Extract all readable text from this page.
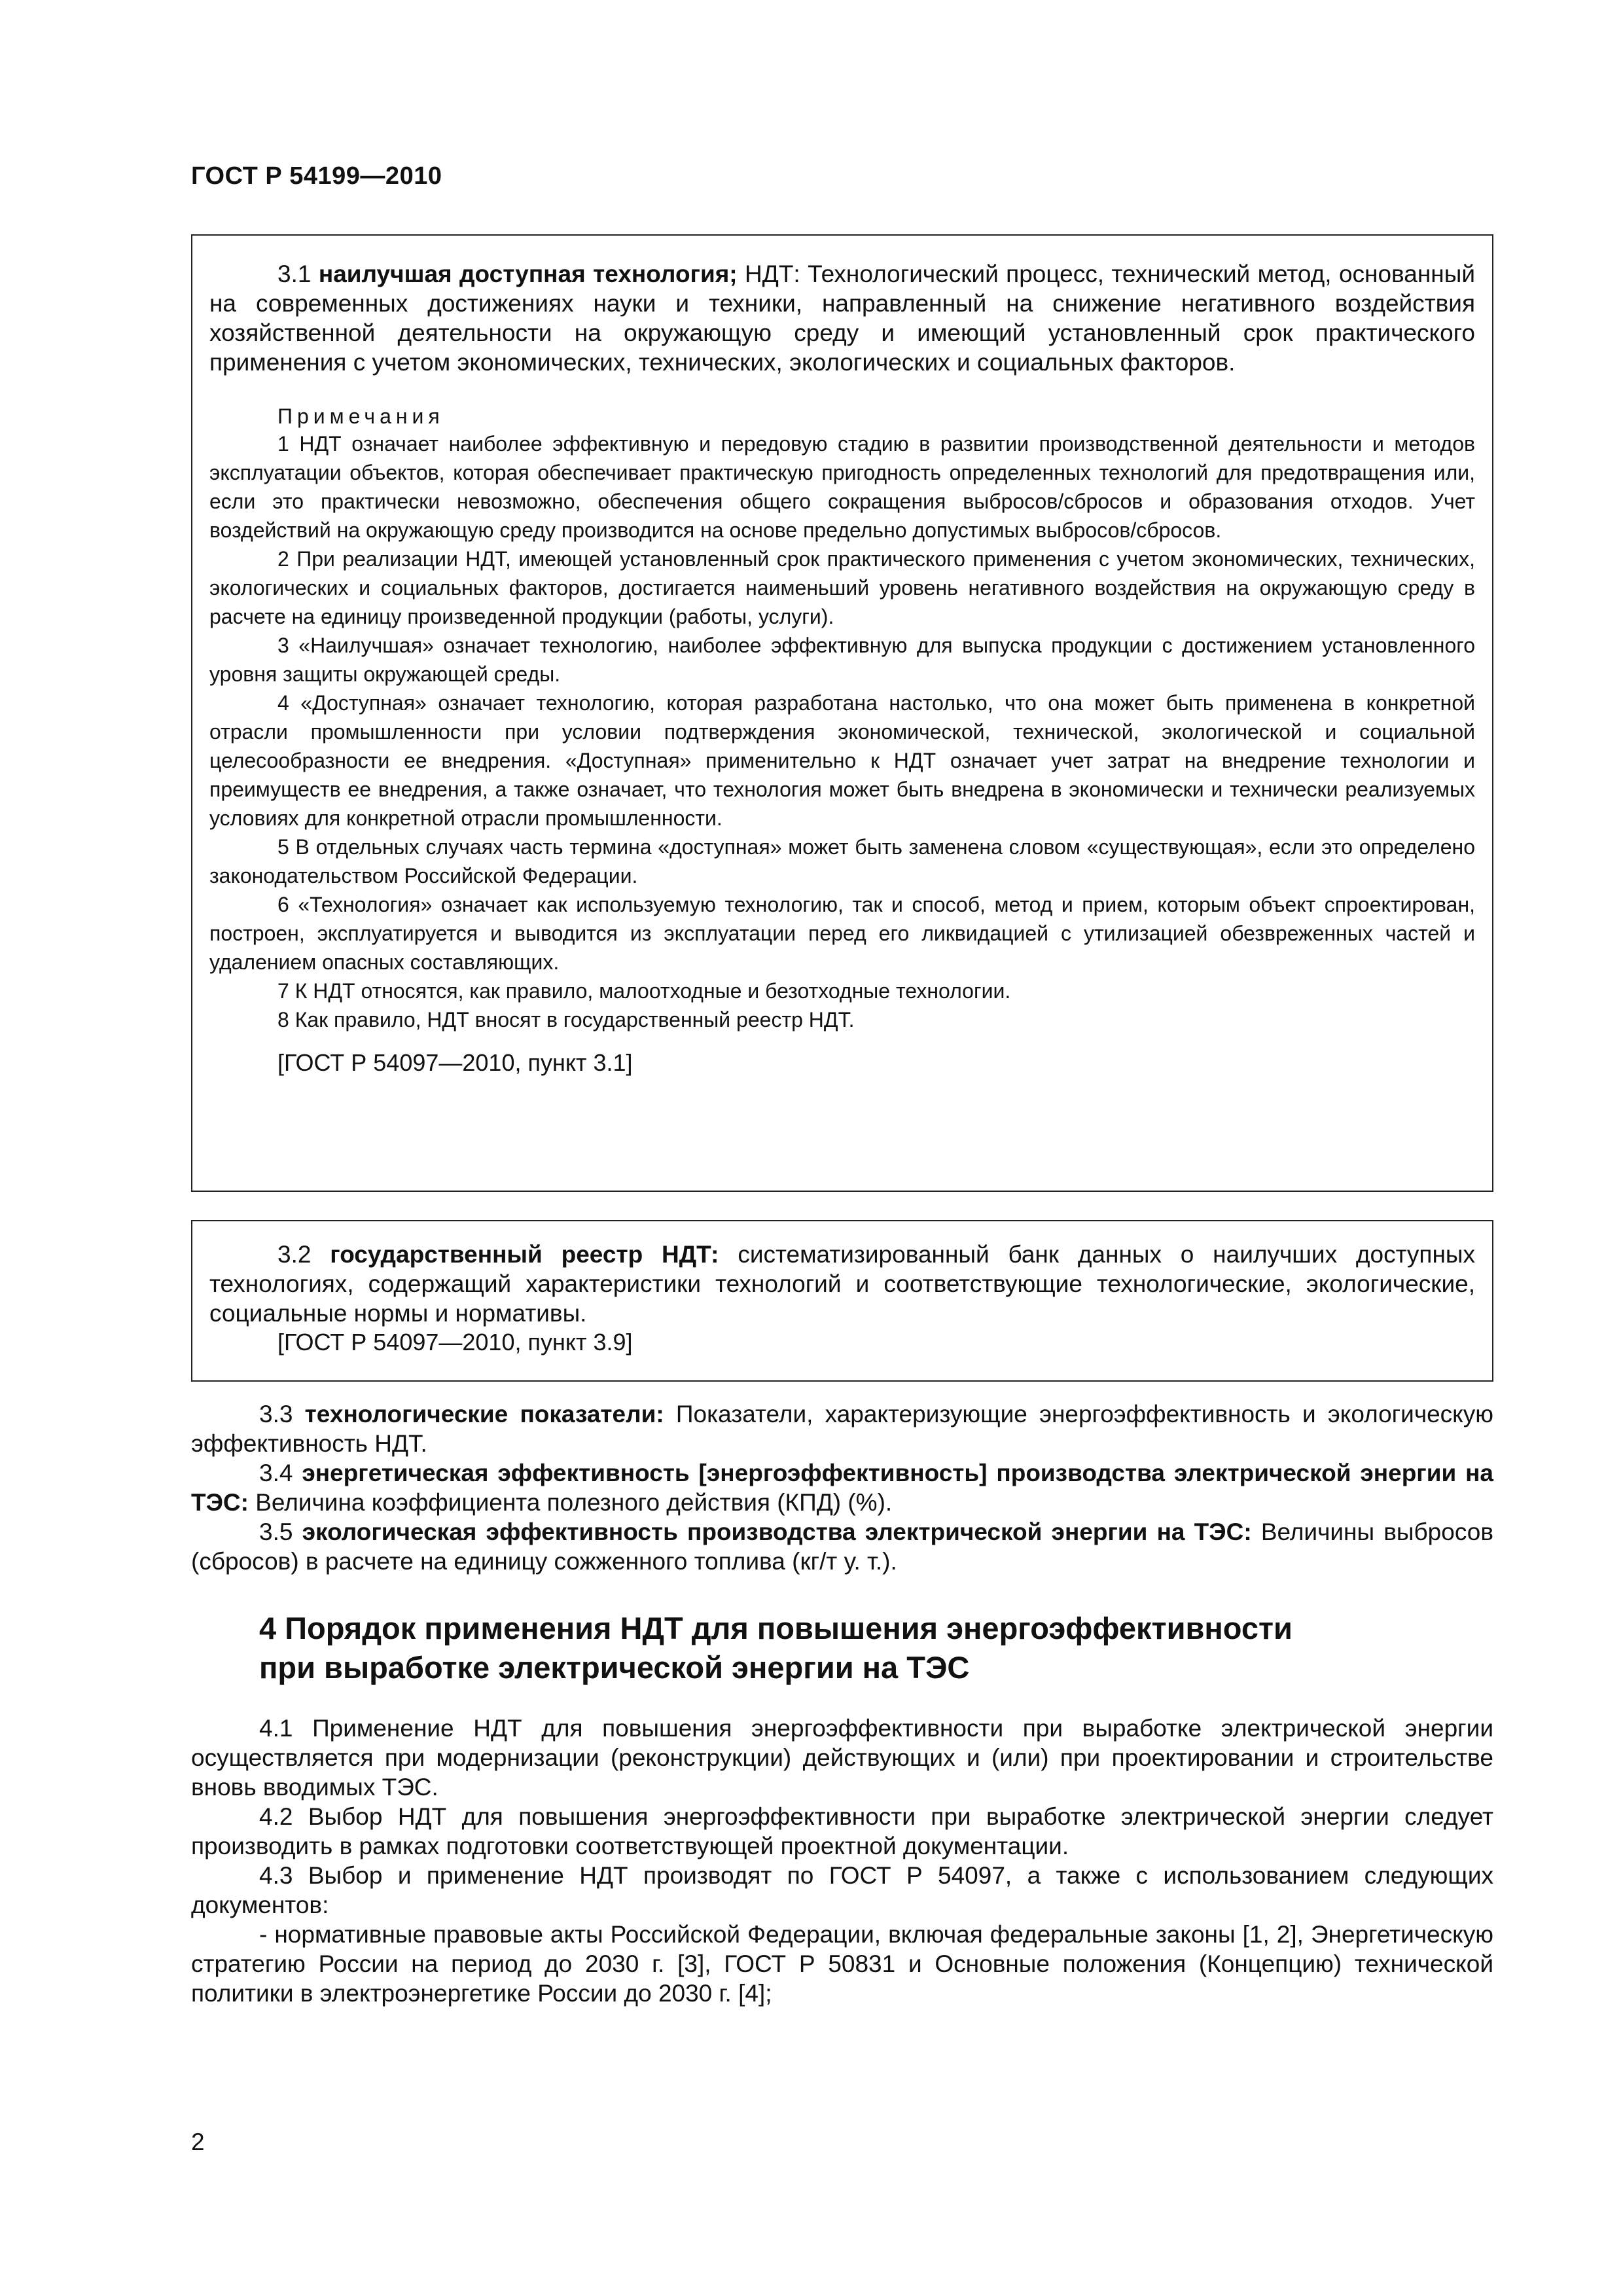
ГОСТ Р 54199—2010

3.1 наилучшая доступная технология; НДТ: Технологический процесс, технический метод, основанный на современных достижениях науки и техники, направленный на снижение негативного воздействия хозяйственной деятельности на окружающую среду и имеющий установленный срок практического применения с учетом экономических, технических, экологических и социальных факторов.

Примечания

1 НДТ означает наиболее эффективную и передовую стадию в развитии производственной деятельности и методов эксплуатации объектов, которая обеспечивает практическую пригодность определенных технологий для предотвращения или, если это практически невозможно, обеспечения общего сокращения выбросов/сбросов и образования отходов. Учет воздействий на окружающую среду производится на основе предельно допустимых выбросов/сбросов.

2 При реализации НДТ, имеющей установленный срок практического применения с учетом экономических, технических, экологических и социальных факторов, достигается наименьший уровень негативного воздействия на окружающую среду в расчете на единицу произведенной продукции (работы, услуги).

3 «Наилучшая» означает технологию, наиболее эффективную для выпуска продукции с достижением установленного уровня защиты окружающей среды.

4 «Доступная» означает технологию, которая разработана настолько, что она может быть применена в конкретной отрасли промышленности при условии подтверждения экономической, технической, экологической и социальной целесообразности ее внедрения. «Доступная» применительно к НДТ означает учет затрат на внедрение технологии и преимуществ ее внедрения, а также означает, что технология может быть внедрена в экономически и технически реализуемых условиях для конкретной отрасли промышленности.

5 В отдельных случаях часть термина «доступная» может быть заменена словом «существующая», если это определено законодательством Российской Федерации.

6 «Технология» означает как используемую технологию, так и способ, метод и прием, которым объект спроектирован, построен, эксплуатируется и выводится из эксплуатации перед его ликвидацией с утилизацией обезвреженных частей и удалением опасных составляющих.

7 К НДТ относятся, как правило, малоотходные и безотходные технологии.

8 Как правило, НДТ вносят в государственный реестр НДТ.

[ГОСТ Р 54097—2010, пункт 3.1]

3.2 государственный реестр НДТ: систематизированный банк данных о наилучших доступных технологиях, содержащий характеристики технологий и соответствующие технологические, экологические, социальные нормы и нормативы.

[ГОСТ Р 54097—2010, пункт 3.9]

3.3 технологические показатели: Показатели, характеризующие энергоэффективность и экологическую эффективность НДТ.

3.4 энергетическая эффективность [энергоэффективность] производства электрической энергии на ТЭС: Величина коэффициента полезного действия (КПД) (%).

3.5 экологическая эффективность производства электрической энергии на ТЭС: Величины выбросов (сбросов) в расчете на единицу сожженного топлива (кг/т у. т.).

4 Порядок применения НДТ для повышения энергоэффективности
при выработке электрической энергии на ТЭС

4.1 Применение НДТ для повышения энергоэффективности при выработке электрической энергии осуществляется при модернизации (реконструкции) действующих и (или) при проектировании и строительстве вновь вводимых ТЭС.

4.2 Выбор НДТ для повышения энергоэффективности при выработке электрической энергии следует производить в рамках подготовки соответствующей проектной документации.

4.3 Выбор и применение НДТ производят по ГОСТ Р 54097, а также с использованием следующих документов:

- нормативные правовые акты Российской Федерации, включая федеральные законы [1, 2], Энергетическую стратегию России на период до 2030 г. [3], ГОСТ Р 50831 и Основные положения (Концепцию) технической политики в электроэнергетике России до 2030 г. [4];

2
